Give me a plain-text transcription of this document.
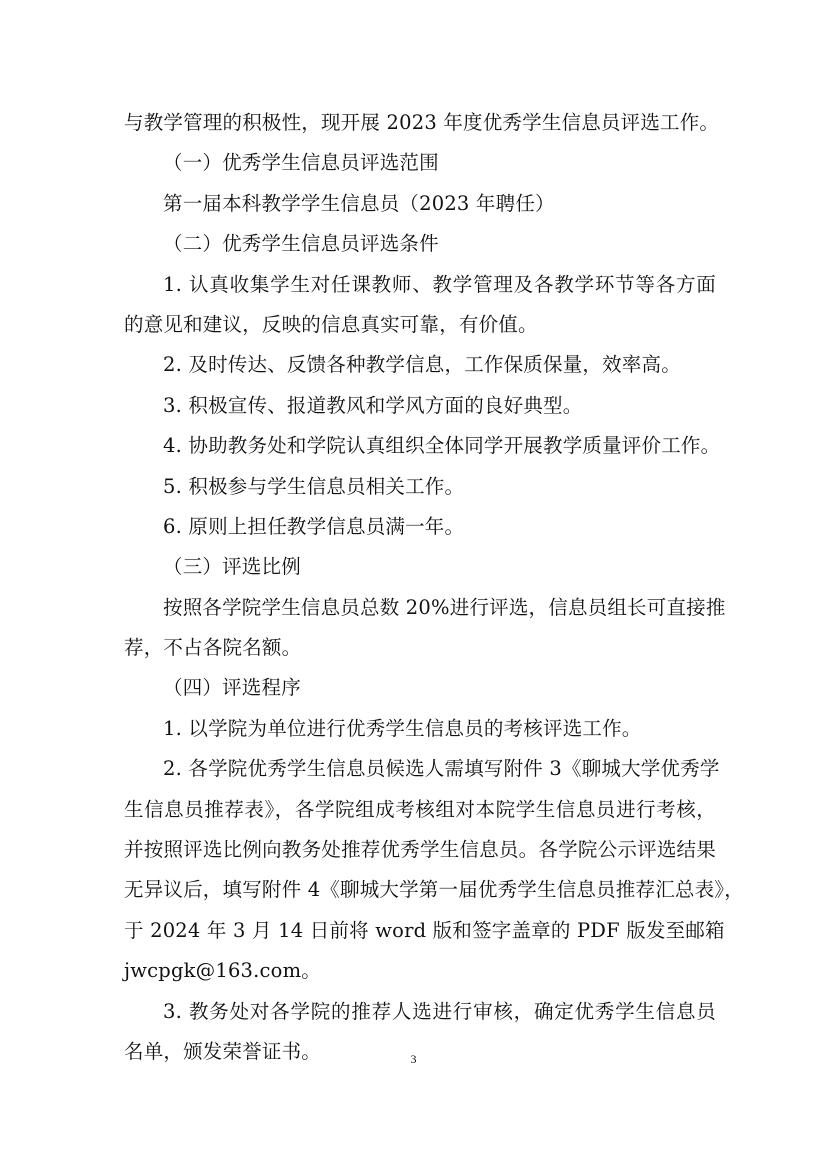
与教学管理的积极性，现开展 2023 年度优秀学生信息员评选工作。
（一）优秀学生信息员评选范围
第一届本科教学学生信息员（2023 年聘任）
（二）优秀学生信息员评选条件
1. 认真收集学生对任课教师、教学管理及各教学环节等各方面
的意见和建议，反映的信息真实可靠，有价值。
2. 及时传达、反馈各种教学信息，工作保质保量，效率高。
3. 积极宣传、报道教风和学风方面的良好典型。
4. 协助教务处和学院认真组织全体同学开展教学质量评价工作。
5. 积极参与学生信息员相关工作。
6. 原则上担任教学信息员满一年。
（三）评选比例
按照各学院学生信息员总数 20%进行评选，信息员组长可直接推
荐，不占各院名额。
（四）评选程序
1. 以学院为单位进行优秀学生信息员的考核评选工作。
2. 各学院优秀学生信息员候选人需填写附件 3《聊城大学优秀学
生信息员推荐表》，各学院组成考核组对本院学生信息员进行考核，
并按照评选比例向教务处推荐优秀学生信息员。各学院公示评选结果
无异议后，填写附件 4《聊城大学第一届优秀学生信息员推荐汇总表》，
于 2024 年 3 月 14 日前将 word 版和签字盖章的 PDF 版发至邮箱
jwcpgk@163.com。
3. 教务处对各学院的推荐人选进行审核，确定优秀学生信息员
名单，颁发荣誉证书。	3
